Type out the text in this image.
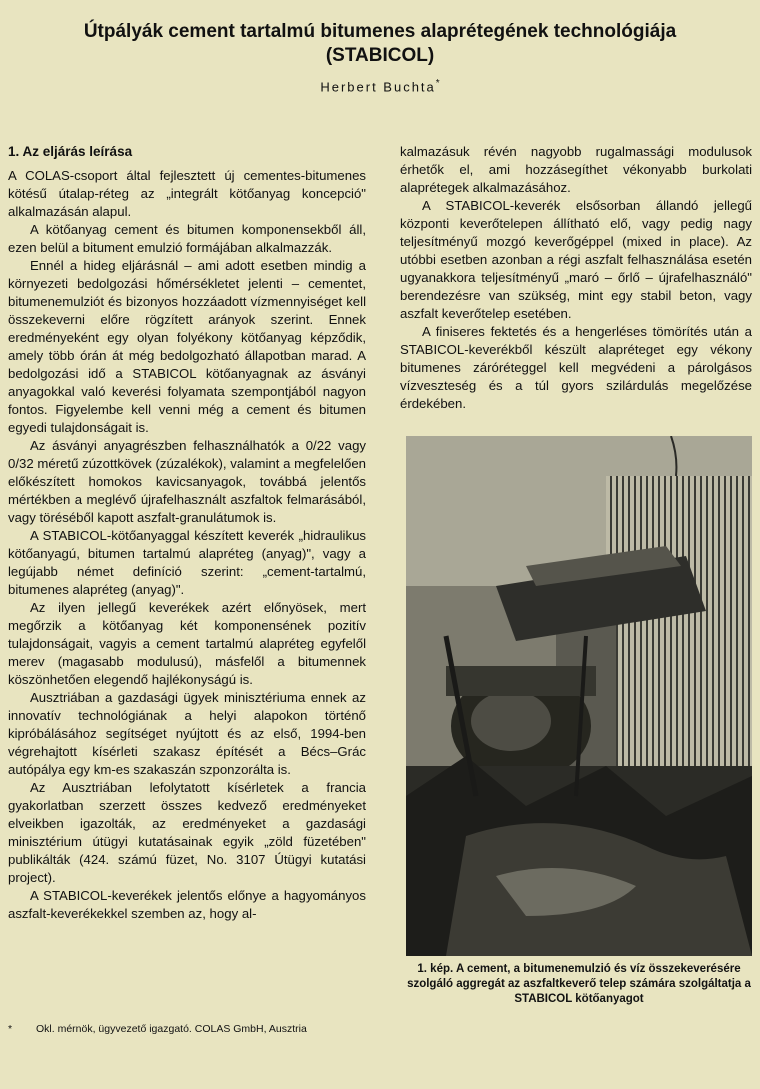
Útpályák cement tartalmú bitumenes alaprétegének technológiája
(STABICOL)
Herbert Buchta*
1. Az eljárás leírása

A COLAS-csoport által fejlesztett új cementes-bitumenes kötésű útalap-réteg az „integrált kötőanyag koncepció" alkalmazásán alapul.

A kötőanyag cement és bitumen komponensekből áll, ezen belül a bitument emulzió formájában alkalmazzák.

Ennél a hideg eljárásnál – ami adott esetben mindig a környezeti bedolgozási hőmérsékletet jelenti – cementet, bitumenemulziót és bizonyos hozzáadott vízmennyiséget kell összekeverni előre rögzített arányok szerint. Ennek eredményeként egy olyan folyékony kötőanyag képződik, amely több órán át még bedolgozható állapotban marad. A bedolgozási idő a STABICOL kötőanyagnak az ásványi anyagokkal való keverési folyamata szempontjából nagyon fontos. Figyelembe kell venni még a cement és bitumen egyedi tulajdonságait is.

Az ásványi anyagrészben felhasználhatók a 0/22 vagy 0/32 méretű zúzottkövek (zúzalékok), valamint a megfelelően előkészített homokos kavicsanyagok, továbbá jelentős mértékben a meglévő újrafelhasznált aszfaltok felmarásából, vagy töréséből kapott aszfalt-granulátumok is.

A STABICOL-kötőanyaggal készített keverék „hidraulikus kötőanyagú, bitumen tartalmú alapréteg (anyag)", vagy a legújabb német definíció szerint: „cement-tartalmú, bitumenes alapréteg (anyag)".

Az ilyen jellegű keverékek azért előnyösek, mert megőrzik a kötőanyag két komponensének pozitív tulajdonságait, vagyis a cement tartalmú alapréteg egyfelől merev (magasabb modulusú), másfelől a bitumennek köszönhetően elegendő hajlékonyságú is.

Ausztriában a gazdasági ügyek minisztériuma ennek az innovatív technológiának a helyi alapokon történő kipróbálásához segítséget nyújtott és az első, 1994-ben végrehajtott kísérleti szakasz építését a Bécs–Grác autópálya egy km-es szakaszán szponzorálta is.

Az Ausztriában lefolytatott kísérletek a francia gyakorlatban szerzett összes kedvező eredményeket elveikben igazolták, az eredményeket a gazdasági minisztérium útügyi kutatásainak egyik „zöld füzetében" publikálták (424. számú füzet, No. 3107 Útügyi kutatási project).

A STABICOL-keverékek jelentős előnye a hagyományos aszfalt-keverékekkel szemben az, hogy al-

kalmazásuk révén nagyobb rugalmassági modulusok érhetők el, ami hozzásegíthet vékonyabb burkolati alaprétegek alkalmazásához.

A STABICOL-keverék elsősorban állandó jellegű központi keverőtelepen állítható elő, vagy pedig nagy teljesítményű mozgó keverőgéppel (mixed in place). Az utóbbi esetben azonban a régi aszfalt felhasználása esetén ugyanakkora teljesítményű „maró – őrlő – újrafelhasználó" berendezésre van szükség, mint egy stabil beton, vagy aszfalt keverőtelep esetében.

A finiseres fektetés és a hengerléses tömörítés után a STABICOL-keverékből készült alapréteget egy vékony bitumenes záróréteggel kell megvédeni a párolgásos vízveszteség és a túl gyors szilárdulás megelőzése érdekében.

1. kép. A cement, a bitumenemulzió és víz összekeverésére szolgáló aggregát az aszfaltkeverő telep számára szolgáltatja a STABICOL kötőanyagot
* Okl. mérnök, ügyvezető igazgató. COLAS GmbH, Ausztria
